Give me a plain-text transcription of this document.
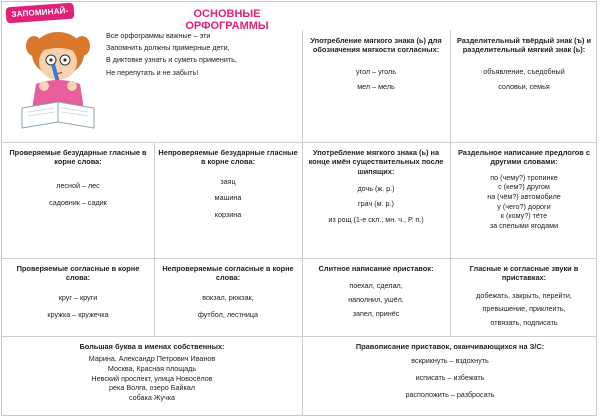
ЗАПОМИНАЙ-КА!
ОСНОВНЫЕ ОРФОГРАММЫ
Все орфограммы важные – эти
Запомнить должны примерные дети,
В диктовке узнать и суметь применить,
Не перепутать и не забыть!
Употребление мягкого знака (ь) для обозначения мягкости согласных:
угол – уголь
мел – мель
Разделительный твёрдый знак (ъ) и разделительный мягкий знак (ь):
объявление, съедобный
соловьи, семья
Проверяемые безударные гласные в корне слова:
лесной – лес
садовник – садик
Непроверяемые безударные гласные в корне слова:
заяц
машина
корзина
Употребление мягкого знака (ь) на конце имён существительных после шипящих:
дочь (ж. р.)
грач (м. р.)
из рощ (1-е скл., мн. ч., Р. п.)
Раздельное написание предлогов с другими словами:
по (чему?) тропинке
с (кем?) другом
на (чём?) автомобиле
у (чего?) дороги
к (кому?) тёте
за спелыми ягодами
Проверяемые согласные в корне слова:
круг – круги
кружка – кружечка
Непроверяемые согласные в корне слова:
вокзал, рюкзак,
футбол, лестница
Слитное написание приставок:
поехал, сделал,
наполнил, ушёл,
запел, принёс
Гласные и согласные звуки в приставках:
добежать, закрыть, перейти,
превышение, приклеить,
отвязать, подписать
Большая буква в именах собственных:
Марина, Александр Петрович Иванов
Москва, Красная площадь
Невский проспект, улица Новосёлов
река Волга, озеро Байкал
собака Жучка
Правописание приставок, оканчивающихся на З/С:
вскрикнуть – вздохнуть
исписать – избежать
расположить – разбросать
